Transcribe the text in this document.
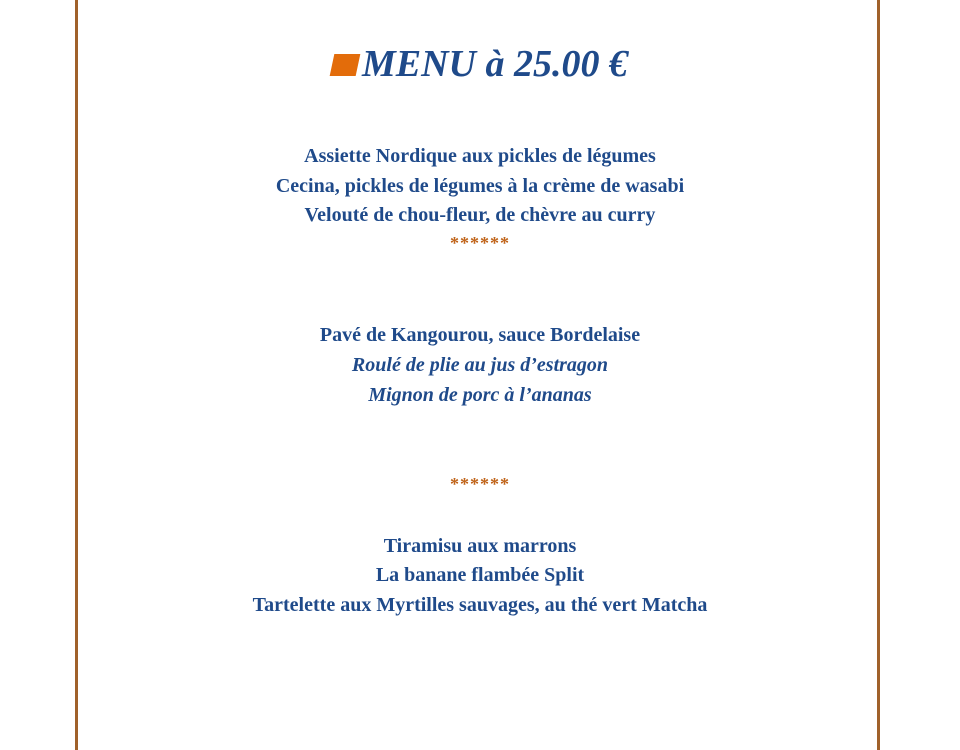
MENU à 25.00 €
Assiette Nordique aux pickles de légumes
Cecina, pickles de légumes à la crème de wasabi
Velouté de chou-fleur, de chèvre au curry
******
Pavé de Kangourou, sauce Bordelaise
Roulé de plie au jus d’estragon
Mignon de porc à l’ananas
******
Tiramisu aux marrons
La banane flambée Split
Tartelette aux Myrtilles sauvages, au thé vert Matcha
